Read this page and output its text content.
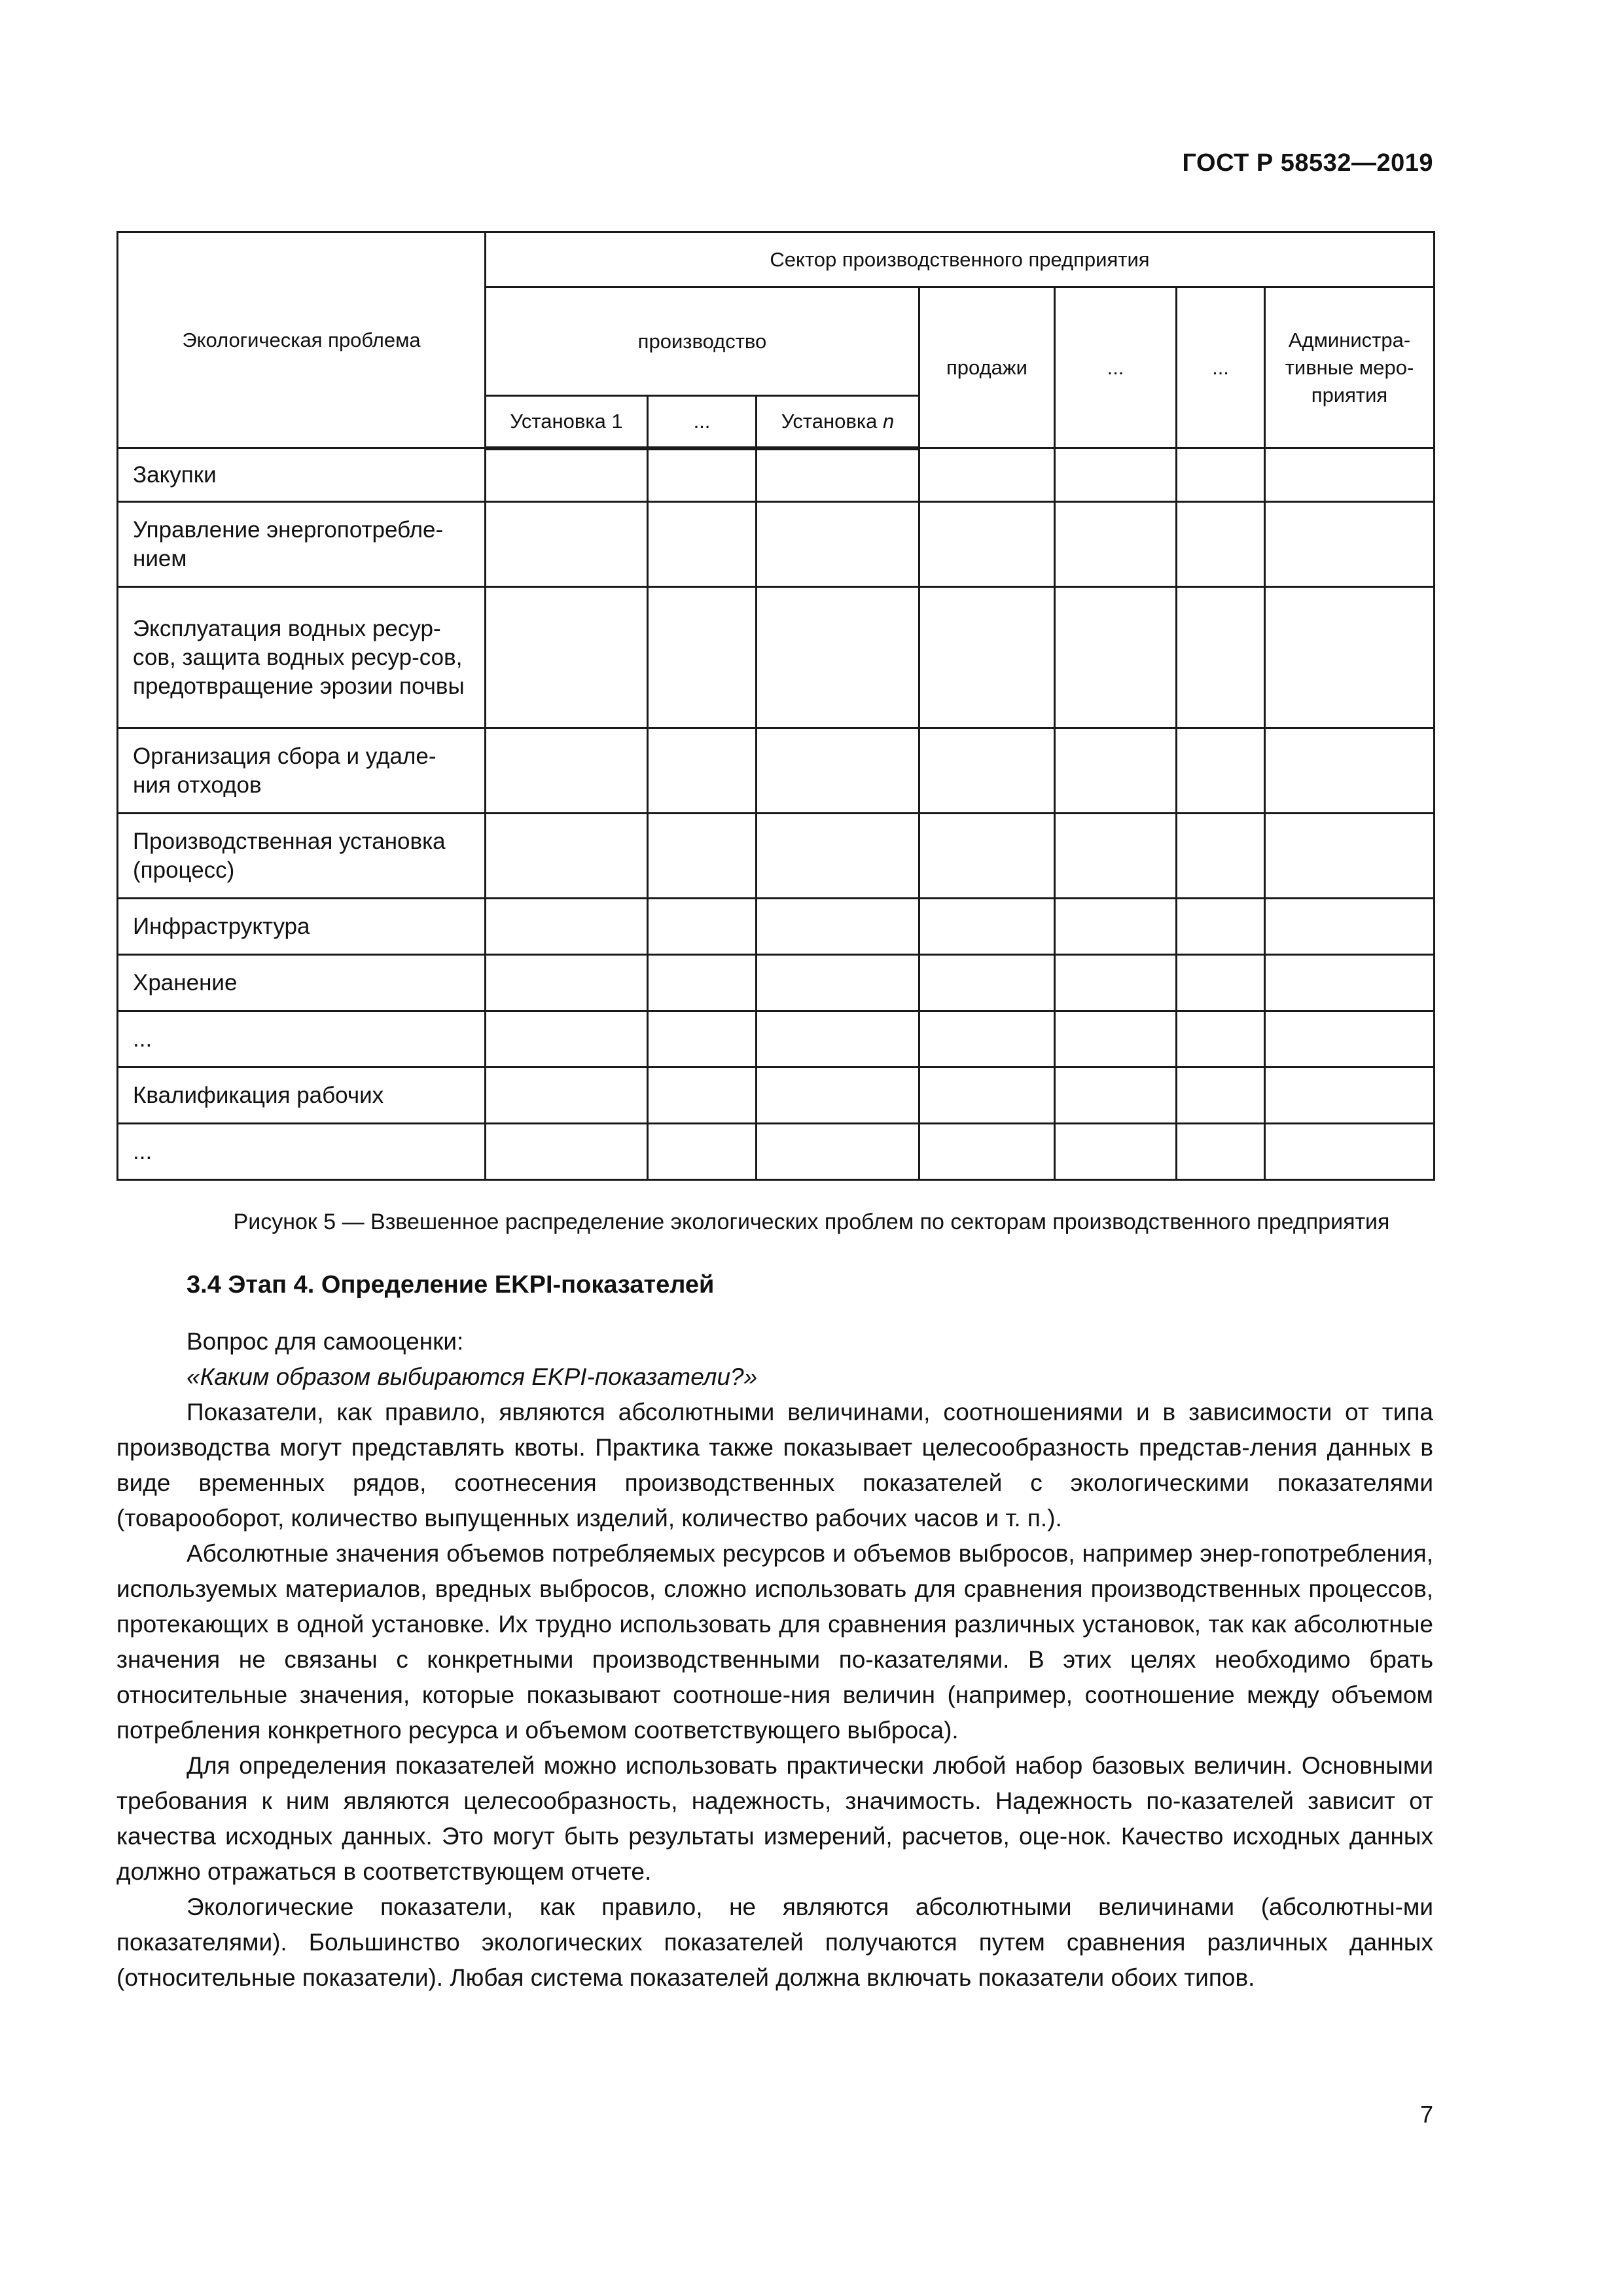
ГОСТ Р 58532—2019
Экологическая проблема	Сектор производственного предприятия						
	производство			продажи	...	...	Администра-тивные меро-приятия
	Установка 1	...	Установка n				
Закупки							
Управление энергопотребле-нием							
Эксплуатация водных ресур-сов, защита водных ресур-сов, предотвращение эрозии почвы							
Организация сбора и удале-ния отходов							
Производственная установка (процесс)							
Инфраструктура							
Хранение							
...							
Квалификация рабочих							
...							
Рисунок 5 — Взвешенное распределение экологических проблем по секторам производственного предприятия
3.4 Этап 4. Определение EKPI-показателей

Вопрос для самооценки:

«Каким образом выбираются EKPI-показатели?»

Показатели, как правило, являются абсолютными величинами, соотношениями и в зависимости от типа производства могут представлять квоты. Практика также показывает целесообразность представ-ления данных в виде временных рядов, соотнесения производственных показателей с экологическими показателями (товарооборот, количество выпущенных изделий, количество рабочих часов и т. п.).

Абсолютные значения объемов потребляемых ресурсов и объемов выбросов, например энер-гопотребления, используемых материалов, вредных выбросов, сложно использовать для сравнения производственных процессов, протекающих в одной установке. Их трудно использовать для сравнения различных установок, так как абсолютные значения не связаны с конкретными производственными по-казателями. В этих целях необходимо брать относительные значения, которые показывают соотноше-ния величин (например, соотношение между объемом потребления конкретного ресурса и объемом соответствующего выброса).

Для определения показателей можно использовать практически любой набор базовых величин. Основными требования к ним являются целесообразность, надежность, значимость. Надежность по-казателей зависит от качества исходных данных. Это могут быть результаты измерений, расчетов, оце-нок. Качество исходных данных должно отражаться в соответствующем отчете.

Экологические показатели, как правило, не являются абсолютными величинами (абсолютны-ми показателями). Большинство экологических показателей получаются путем сравнения различных данных (относительные показатели). Любая система показателей должна включать показатели обоих типов.

7
